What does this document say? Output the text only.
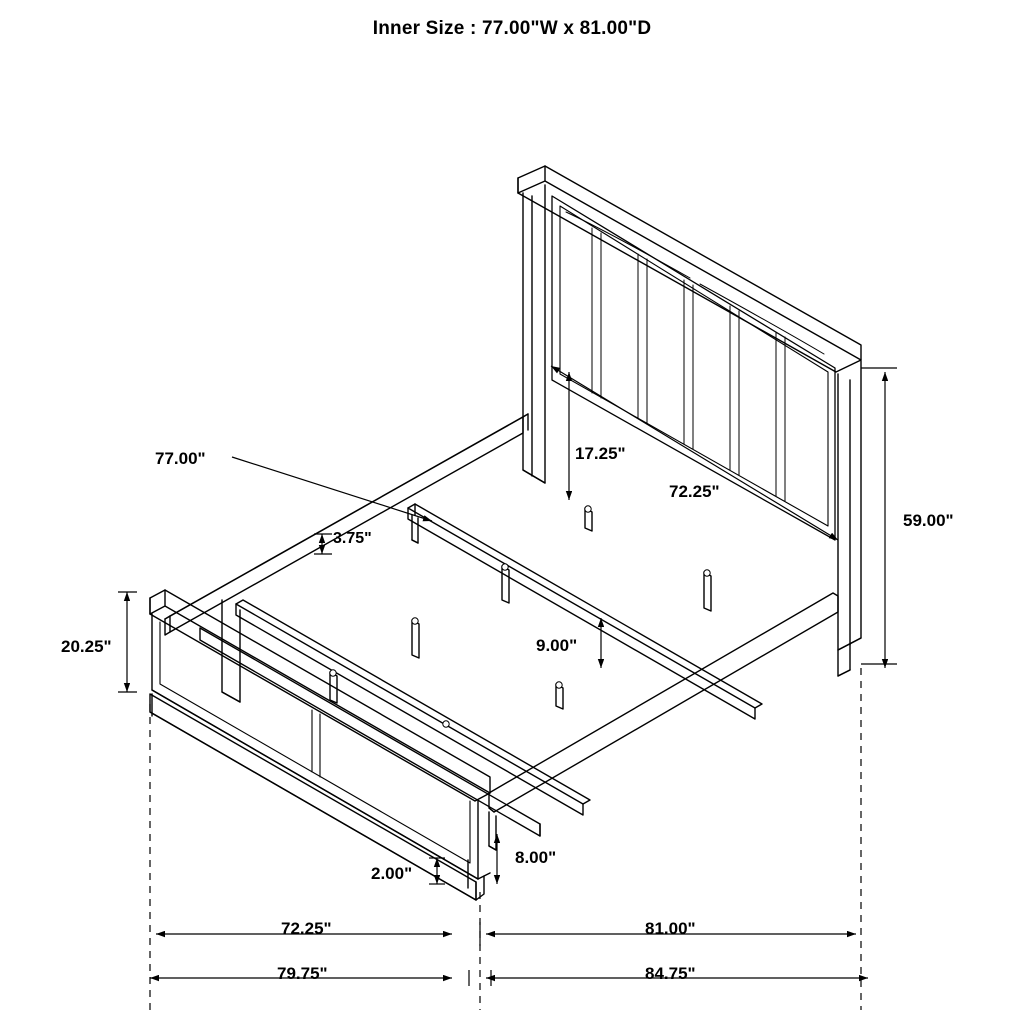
Inner Size : 77.00"W x 81.00"D
77.00"
59.00"
17.25"
72.25"
3.75"
20.25"	9.00"
8.00"
2.00"
72.25"	81.00"
79.75"	84.75"
